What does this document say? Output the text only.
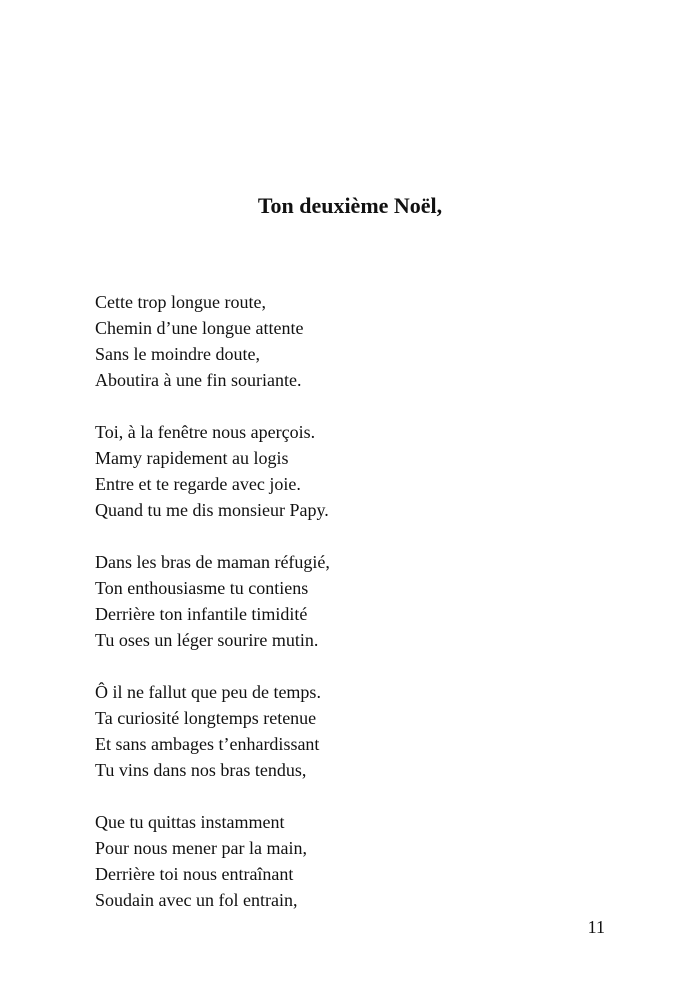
Ton deuxième Noël,
Cette trop longue route,
Chemin d’une longue attente
Sans le moindre doute,
Aboutira à une fin souriante.
Toi, à la fenêtre nous aperçois.
Mamy rapidement au logis
Entre et te regarde avec joie.
Quand tu me dis monsieur Papy.
Dans les bras de maman réfugié,
Ton enthousiasme tu contiens
Derrière ton infantile timidité
Tu oses un léger sourire mutin.
Ô il ne fallut que peu de temps.
Ta curiosité longtemps retenue
Et sans ambages t’enhardissant
Tu vins dans nos bras tendus,
Que tu quittas instamment
Pour nous mener par la main,
Derrière toi nous entraînant
Soudain avec un fol entrain,
11
